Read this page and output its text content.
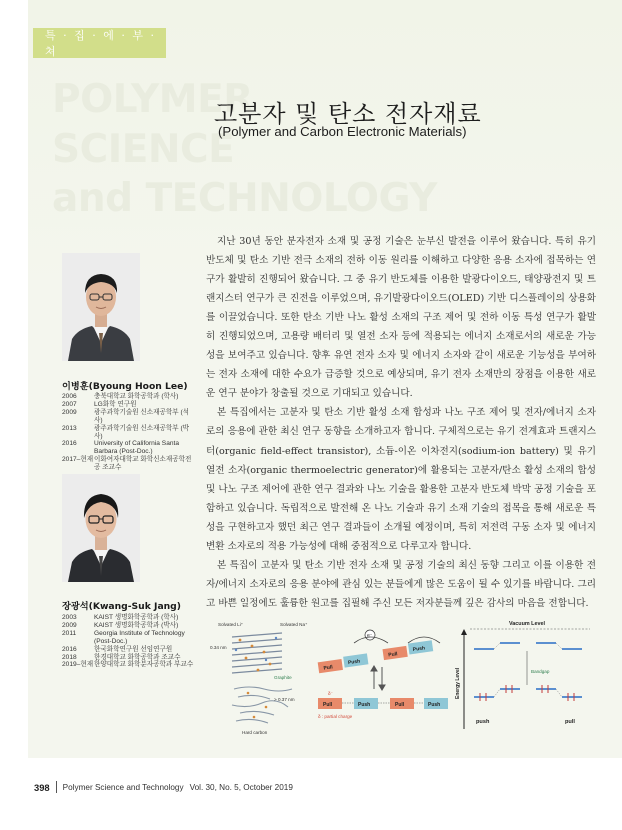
특 · 집 · 에 · 부 · 쳐
POLYMER
SCIENCE
and TECHNOLOGY
고분자 및 탄소 전자재료
(Polymer and Carbon Electronic Materials)
이병훈(Byoung Hoon Lee)
2006	충북대학교 화학공학과 (학사)
2007	LG화학 연구원
2009	광주과학기술원 신소재공학부 (석사)
2013	광주과학기술원 신소재공학부 (박사)
2016	University of California Santa Barbara (Post-Doc.)
2017–현재 이화여자대학교 화학신소재공학전공 조교수
장광석(Kwang-Suk Jang)
2003	KAIST 생명화학공학과 (학사)
2009	KAIST 생명화학공학과 (박사)
2011	Georgia Institute of Technology (Post-Doc.)
2016	한국화학연구원 선임연구원
2018	한경대학교 화학공학과 조교수
2019–현재 한양대학교 화학분자공학과 부교수

지난 30년 동안 분자전자 소재 및 공정 기술은 눈부신 발전을 이루어 왔습니다. 특히 유기 반도체 및 탄소 기반 전극 소재의 전하 이동 원리를 이해하고 다양한 응용 소자에 접목하는 연구가 활발히 진행되어 왔습니다. 그 중 유기 반도체를 이용한 발광다이오드, 태양광전지 및 트랜지스터 연구가 큰 진전을 이루었으며, 유기발광다이오드(OLED) 기반 디스플레이의 상용화를 이끌었습니다. 또한 탄소 기반 나노 활성 소재의 구조 제어 및 전하 이동 특성 연구가 활발히 진행되었으며, 고용량 배터리 및 열전 소자 등에 적용되는 에너지 소재로서의 새로운 가능성을 보여주고 있습니다. 향후 유연 전자 소자 및 에너지 소자와 같이 새로운 기능성을 부여하는 전자 소재에 대한 수요가 급증할 것으로 예상되며, 유기 전자 소재만의 장점을 이용한 새로운 연구 분야가 창출될 것으로 기대되고 있습니다.

본 특집에서는 고분자 및 탄소 기반 활성 소재 합성과 나노 구조 제어 및 전자/에너지 소자로의 응용에 관한 최신 연구 동향을 소개하고자 합니다. 구체적으로는 유기 전계효과 트랜지스터(organic field-effect transistor), 소듐-이온 이차전지(sodium-ion battery) 및 유기 열전 소자(organic thermoelectric generator)에 활용되는 고분자/탄소 활성 소재의 합성 및 나노 구조 제어에 관한 연구 결과와 나노 기술을 활용한 고분자 반도체 박막 공정 기술을 포함하고 있습니다. 독립적으로 발전해 온 나노 기술과 유기 소재 기술의 접목을 통해 새로운 특성을 구현하고자 했던 최근 연구 결과들이 소개될 예정이며, 특히 저전력 구동 소자 및 에너지 변환 소자로의 적용 가능성에 대해 중점적으로 다루고자 합니다.

본 특집이 고분자 및 탄소 기반 전자 소재 및 공정 기술의 최신 동향 그리고 이를 이용한 전자/에너지 소자로의 응용 분야에 관심 있는 분들에게 많은 도움이 될 수 있기를 바랍니다. 그리고 바쁜 일정에도 훌륭한 원고를 집필해 주신 모든 저자분들께 깊은 감사의 마음을 전합니다.

Solvated Li⁺	Solvated Na⁺
0.34 nm
Graphite
> 0.37 nm
Hard carbon
e⁻
Pull
Push
Pull
Push
Pull	Push	Pull	Push
δ⁻
δ : partial charge
Vacuum Level
Energy Level	Bandgap
push	pull
398 Polymer Science and Technology Vol. 30, No. 5, October 2019
